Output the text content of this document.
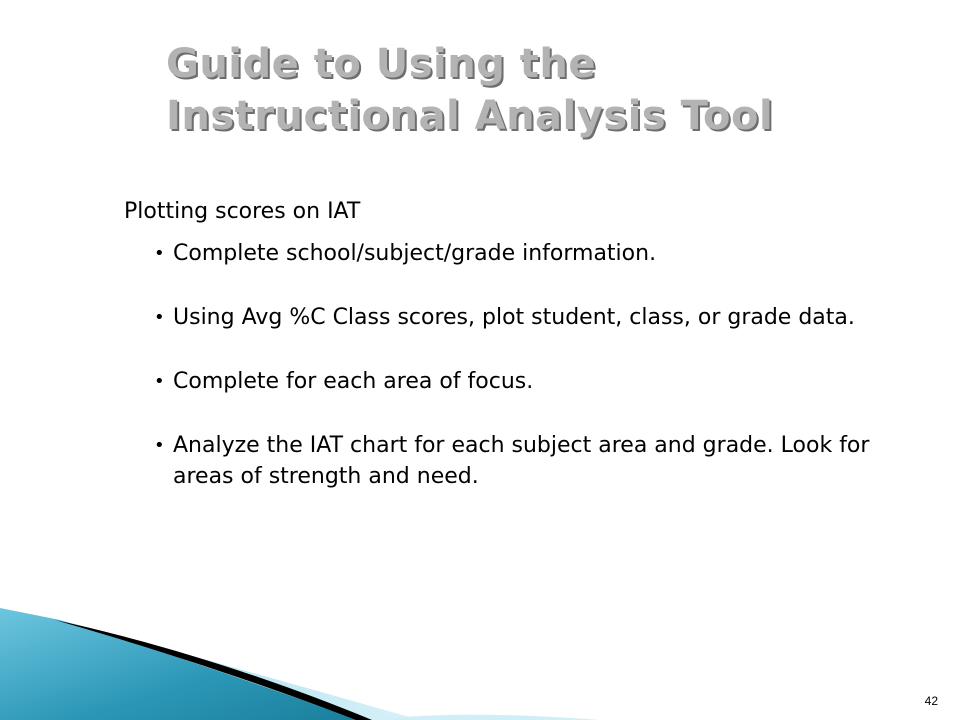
Guide to Using the
Instructional Analysis Tool

Plotting scores on IAT

• Complete school/subject/grade information.
• Using Avg %C Class scores, plot student, class, or grade data.
• Complete for each area of focus.
• Analyze the IAT chart for each subject area and grade. Look for areas of strength and need.
42
